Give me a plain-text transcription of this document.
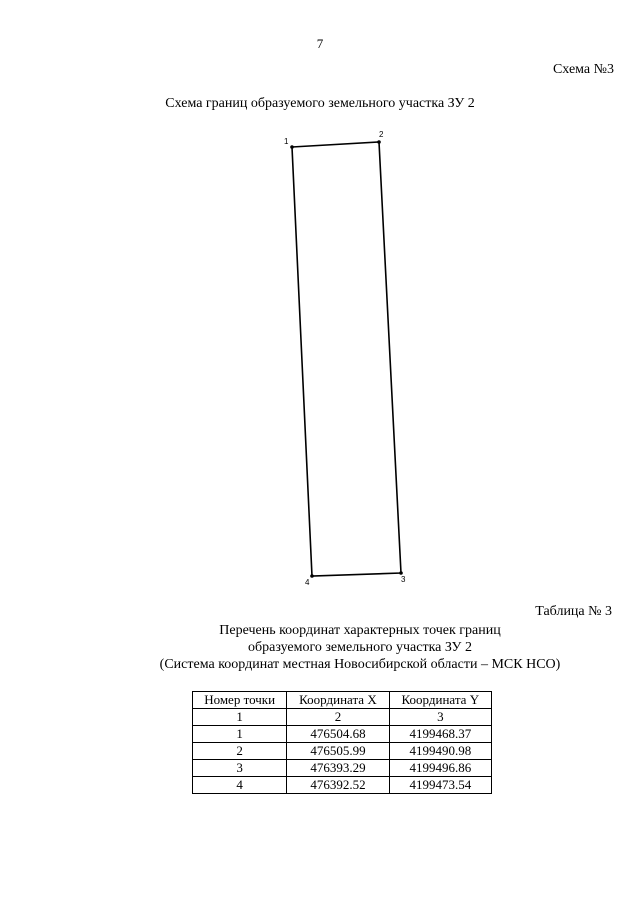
7
Схема №3
Схема границ образуемого земельного участка ЗУ 2
1
2
3
4
Таблица № 3
Перечень координат характерных точек границ
образуемого земельного участка ЗУ 2
(Система координат местная Новосибирской области – МСК НСО)
Номер точки	Координата X	Координата Y
1	2	3
1	476504.68	4199468.37
2	476505.99	4199490.98
3	476393.29	4199496.86
4	476392.52	4199473.54
